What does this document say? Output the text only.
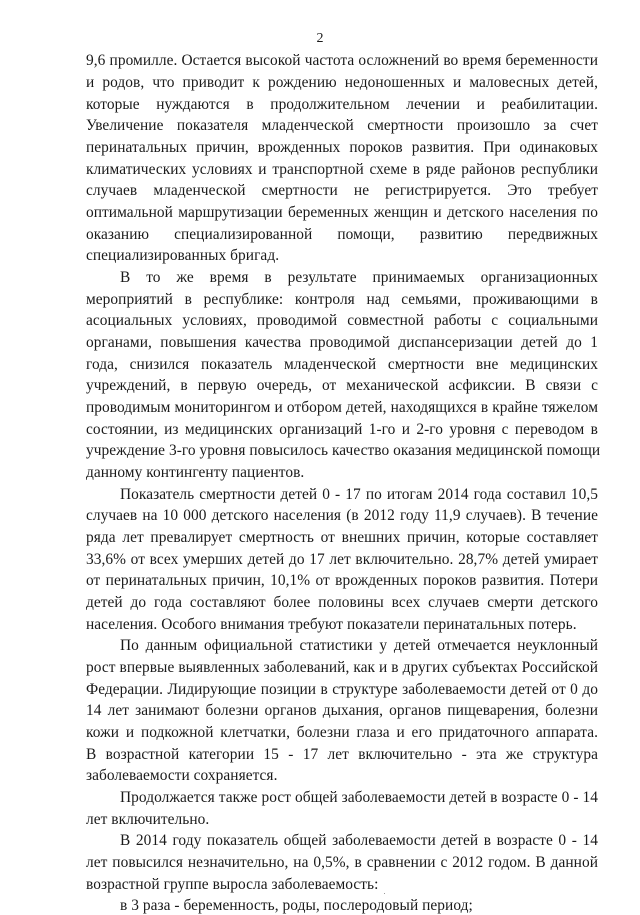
2
9,6 промилле. Остается высокой частота осложнений во время беременности
и родов, что приводит к рождению недоношенных и маловесных детей,
которые нуждаются в продолжительном лечении и реабилитации.
Увеличение показателя младенческой смертности произошло за счет
перинатальных причин, врожденных пороков развития. При одинаковых
климатических условиях и транспортной схеме в ряде районов республики
случаев младенческой смертности не регистрируется. Это требует
оптимальной маршрутизации беременных женщин и детского населения по
оказанию специализированной помощи, развитию передвижных
специализированных бригад.
В то же время в результате принимаемых организационных
мероприятий в республике: контроля над семьями, проживающими в
асоциальных условиях, проводимой совместной работы с социальными
органами, повышения качества проводимой диспансеризации детей до 1
года, снизился показатель младенческой смертности вне медицинских
учреждений, в первую очередь, от механической асфиксии. В связи с
проводимым мониторингом и отбором детей, находящихся в крайне тяжелом
состоянии, из медицинских организаций 1-го и 2-го уровня с переводом в
учреждение 3-го уровня повысилось качество оказания медицинской помощи
данному контингенту пациентов.
Показатель смертности детей 0 - 17 по итогам 2014 года составил 10,5
случаев на 10 000 детского населения (в 2012 году 11,9 случаев). В течение
ряда лет превалирует смертность от внешних причин, которые составляет
33,6% от всех умерших детей до 17 лет включительно. 28,7% детей умирает
от перинатальных причин, 10,1% от врожденных пороков развития. Потери
детей до года составляют более половины всех случаев смерти детского
населения. Особого внимания требуют показатели перинатальных потерь.
По данным официальной статистики у детей отмечается неуклонный
рост впервые выявленных заболеваний, как и в других субъектах Российской
Федерации. Лидирующие позиции в структуре заболеваемости детей от 0 до
14 лет занимают болезни органов дыхания, органов пищеварения, болезни
кожи и подкожной клетчатки, болезни глаза и его придаточного аппарата.
В возрастной категории 15 - 17 лет включительно - эта же структура
заболеваемости сохраняется.
Продолжается также рост общей заболеваемости детей в возрасте 0 - 14
лет включительно.
В 2014 году показатель общей заболеваемости детей в возрасте 0 - 14
лет повысился незначительно, на 0,5%, в сравнении с 2012 годом. В данной
возрастной группе выросла заболеваемость:
в 3 раза - беременность, роды, послеродовый период;
